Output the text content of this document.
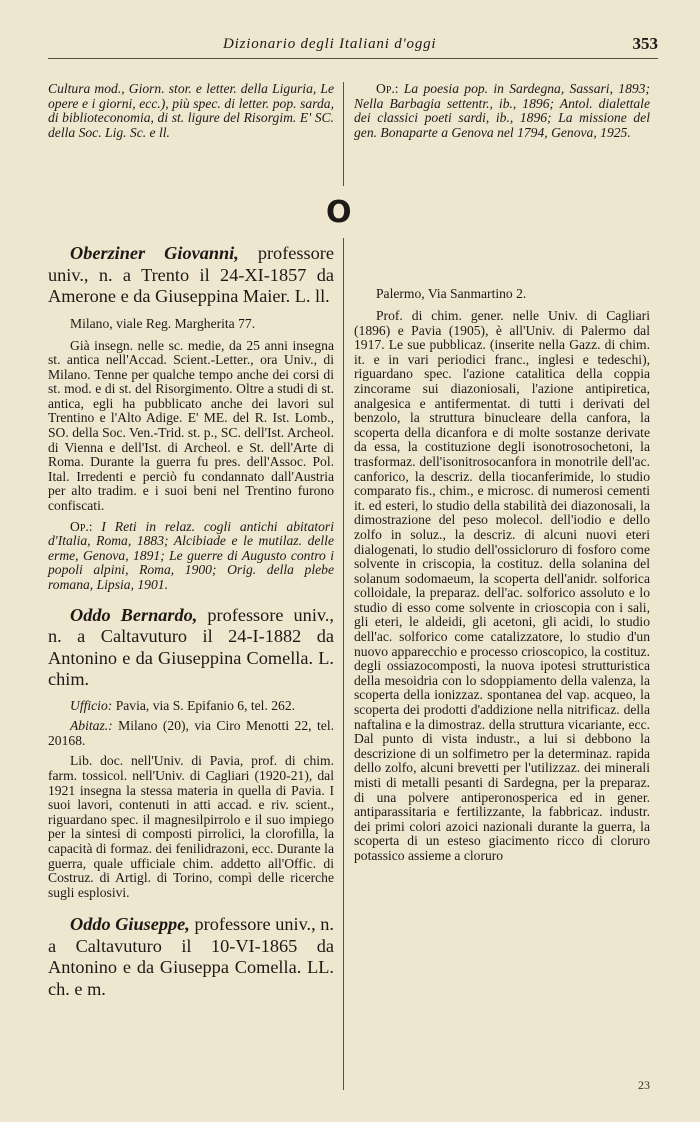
Dizionario degli Italiani d'oggi	353

Cultura mod., Giorn. stor. e letter. della Liguria, Le opere e i giorni, ecc.), più spec. di letter. pop. sarda, di biblioteconomia, di st. ligure del Risorgim. E' SC. della Soc. Lig. Sc. e ll.

Op.: La poesia pop. in Sardegna, Sassari, 1893; Nella Barbagia settentr., ib., 1896; Antol. dialettale dei classici poeti sardi, ib., 1896; La missione del gen. Bonaparte a Genova nel 1794, Genova, 1925.

O

Oberziner Giovanni, professore univ., n. a Trento il 24-XI-1857 da Amerone e da Giuseppina Maier. L. ll.

Milano, viale Reg. Margherita 77.

Già insegn. nelle sc. medie, da 25 anni insegna st. antica nell'Accad. Scient.-Letter., ora Univ., di Milano. Tenne per qualche tempo anche dei corsi di st. mod. e di st. del Risorgimento. Oltre a studi di st. antica, egli ha pubblicato anche dei lavori sul Trentino e l'Alto Adige. E' ME. del R. Ist. Lomb., SO. della Soc. Ven.-Trid. st. p., SC. dell'Ist. Archeol. di Vienna e dell'Ist. di Archeol. e St. dell'Arte di Roma. Durante la guerra fu pres. dell'Assoc. Pol. Ital. Irredenti e perciò fu condannato dall'Austria per alto tradim. e i suoi beni nel Trentino furono confiscati.

Op.: I Reti in relaz. cogli antichi abitatori d'Italia, Roma, 1883; Alcibiade e le mutilaz. delle erme, Genova, 1891; Le guerre di Augusto contro i popoli alpini, Roma, 1900; Orig. della plebe romana, Lipsia, 1901.

Oddo Bernardo, professore univ., n. a Caltavuturo il 24-I-1882 da Antonino e da Giuseppina Comella. L. chim.

Ufficio: Pavia, via S. Epifanio 6, tel. 262.

Abitaz.: Milano (20), via Ciro Menotti 22, tel. 20168.

Lib. doc. nell'Univ. di Pavia, prof. di chim. farm. tossicol. nell'Univ. di Cagliari (1920-21), dal 1921 insegna la stessa materia in quella di Pavia. I suoi lavori, contenuti in atti accad. e riv. scient., riguardano spec. il magnesilpirrolo e il suo impiego per la sintesi di composti pirrolici, la clorofilla, la capacità di formaz. dei fenilidrazoni, ecc. Durante la guerra, quale ufficiale chim. addetto all'Offic. di Costruz. di Artigl. di Torino, compì delle ricerche sugli esplosivi.

Oddo Giuseppe, professore univ., n. a Caltavuturo il 10-VI-1865 da Antonino e da Giuseppa Comella. LL. ch. e m.

Palermo, Via Sanmartino 2.

Prof. di chim. gener. nelle Univ. di Cagliari (1896) e Pavia (1905), è all'Univ. di Palermo dal 1917. Le sue pubblicaz. (inserite nella Gazz. di chim. it. e in vari periodici franc., inglesi e tedeschi), riguardano spec. l'azione catalitica della coppia zincorame sui diazoniosali, l'azione antipiretica, analgesica e antifermentat. di tutti i derivati del benzolo, la struttura binucleare della canfora, la scoperta della dicanfora e di molte sostanze derivate da essa, la costituzione degli isonotrosochetoni, la trasformaz. dell'isonitrosocanfora in monotrile dell'ac. canforico, la descriz. della tiocanferimide, lo studio comparato fis., chim., e microsc. di numerosi cementi it. ed esteri, lo studio della stabilità dei diazonosali, la dimostrazione del peso molecol. dell'iodio e dello zolfo in soluz., la descriz. di alcuni nuovi eteri dialogenati, lo studio dell'ossicloruro di fosforo come solvente in criscopia, la costituz. della solanina del solanum sodomaeum, la scoperta dell'anidr. solforica colloidale, la preparaz. dell'ac. solforico assoluto e lo studio di esso come solvente in crioscopia con i sali, gli eteri, le aldeidi, gli acetoni, gli acidi, lo studio dell'ac. solforico come catalizzatore, lo studio d'un nuovo apparecchio e processo crioscopico, la costituz. degli ossiazocomposti, la nuova ipotesi strutturistica della mesoidria con lo sdoppiamento della valenza, la scoperta della ionizzaz. spontanea del vap. acqueo, la scoperta dei prodotti d'addizione nella nitrificaz. della naftalina e la dimostraz. della struttura vicariante, ecc. Dal punto di vista industr., a lui si debbono la descrizione di un solfimetro per la determinaz. rapida dello zolfo, alcuni brevetti per l'utilizzaz. dei minerali misti di metalli pesanti di Sardegna, per la preparaz. di una polvere antiperonosperica ed in gener. antiparassitaria e fertilizzante, la fabbricaz. industr. dei primi colori azoici nazionali durante la guerra, la scoperta di un esteso giacimento ricco di cloruro potassico assieme a cloruro

23
